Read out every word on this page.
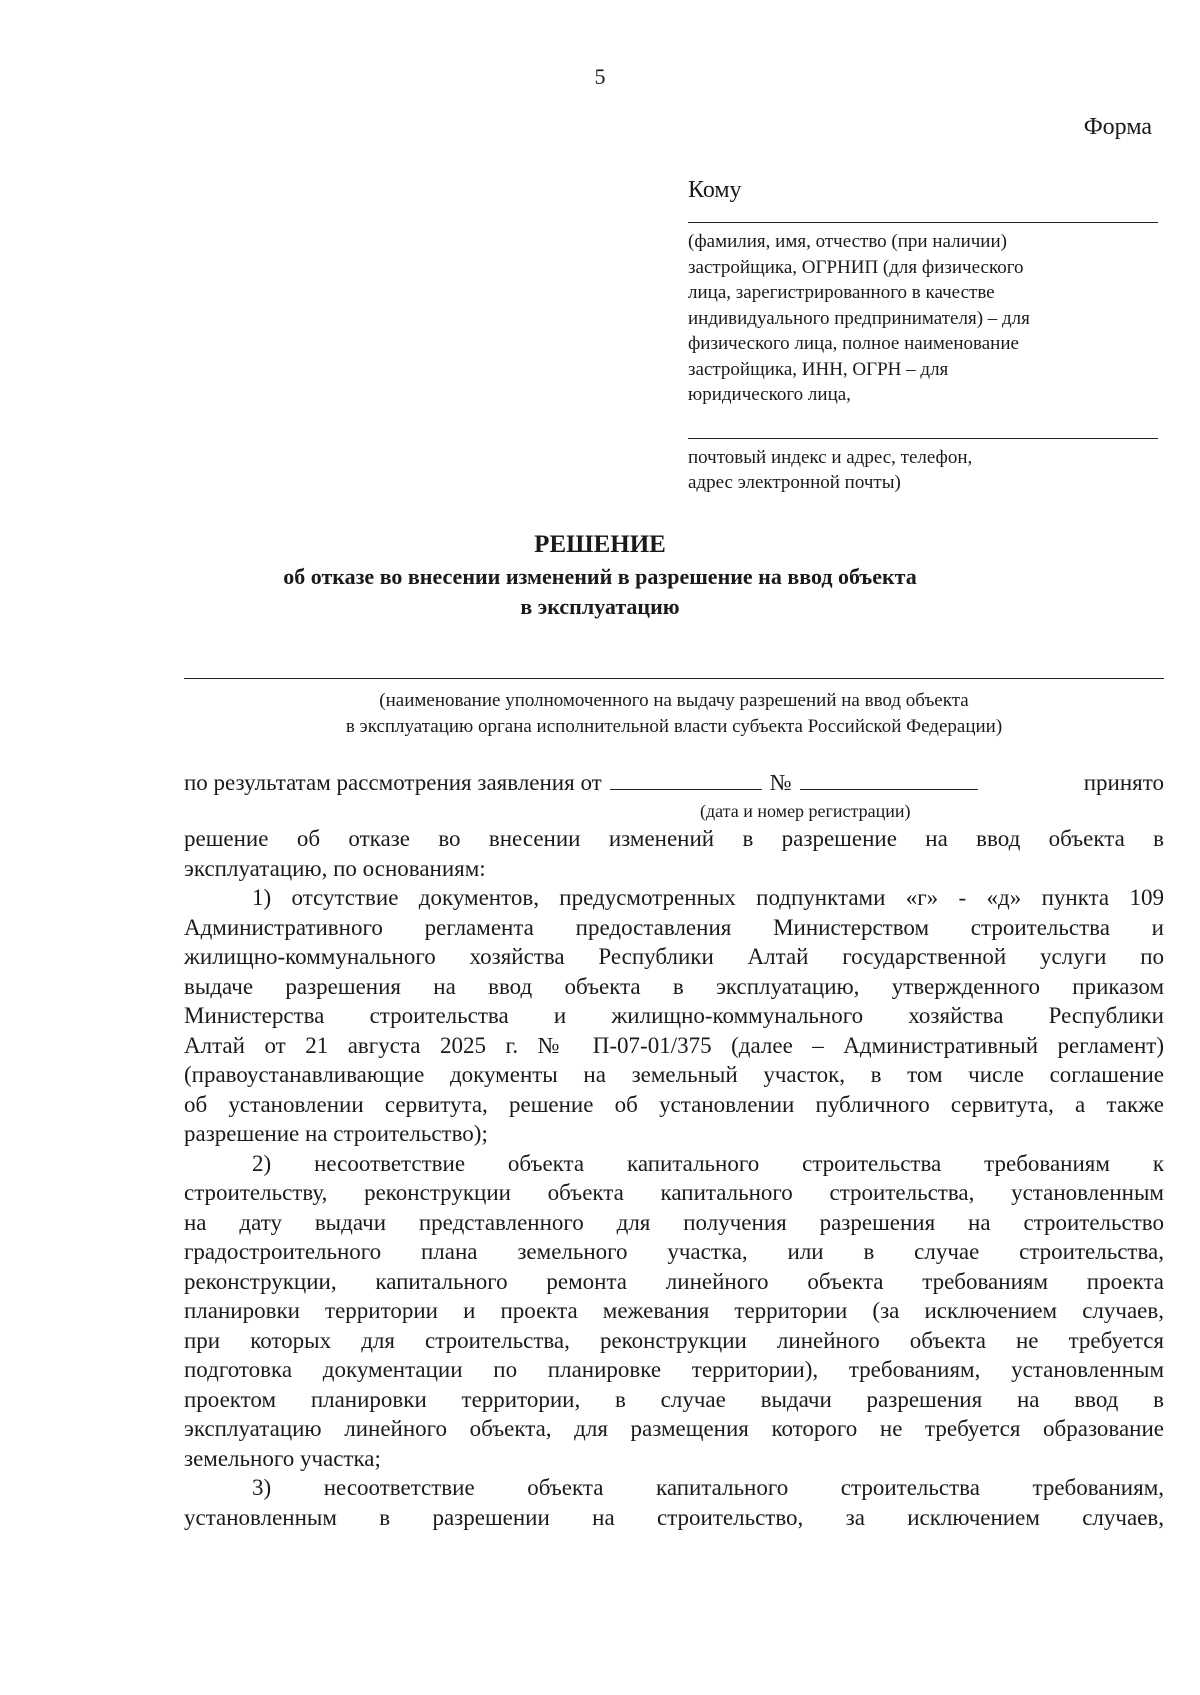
5
Форма
Кому
(фамилия, имя, отчество (при наличии)
застройщика, ОГРНИП (для физического
лица, зарегистрированного в качестве
индивидуального предпринимателя) – для
физического лица, полное наименование
застройщика, ИНН, ОГРН – для
юридического лица,
почтовый индекс и адрес, телефон,
адрес электронной почты)
РЕШЕНИЕ
об отказе во внесении изменений в разрешение на ввод объекта
в эксплуатацию
(наименование уполномоченного на выдачу разрешений на ввод объекта
в эксплуатацию органа исполнительной власти субъекта Российской Федерации)
по результатам рассмотрения заявления от	№	принято
(дата и номер регистрации)

решение об отказе во внесении изменений в разрешение на ввод объекта в
эксплуатацию, по основаниям:

1) отсутствие документов, предусмотренных подпунктами «г» - «д» пункта 109
Административного регламента предоставления Министерством строительства и
жилищно-коммунального хозяйства Республики Алтай государственной услуги по
выдаче разрешения на ввод объекта в эксплуатацию, утвержденного приказом
Министерства строительства и жилищно-коммунального хозяйства Республики
Алтай от 21 августа 2025 г. № П-07-01/375 (далее – Административный регламент)
(правоустанавливающие документы на земельный участок, в том числе соглашение
об установлении сервитута, решение об установлении публичного сервитута, а также
разрешение на строительство);

2) несоответствие объекта капитального строительства требованиям к
строительству, реконструкции объекта капитального строительства, установленным
на дату выдачи представленного для получения разрешения на строительство
градостроительного плана земельного участка, или в случае строительства,
реконструкции, капитального ремонта линейного объекта требованиям проекта
планировки территории и проекта межевания территории (за исключением случаев,
при которых для строительства, реконструкции линейного объекта не требуется
подготовка документации по планировке территории), требованиям, установленным
проектом планировки территории, в случае выдачи разрешения на ввод в
эксплуатацию линейного объекта, для размещения которого не требуется образование
земельного участка;

3) несоответствие объекта капитального строительства требованиям,
установленным в разрешении на строительство, за исключением случаев,
